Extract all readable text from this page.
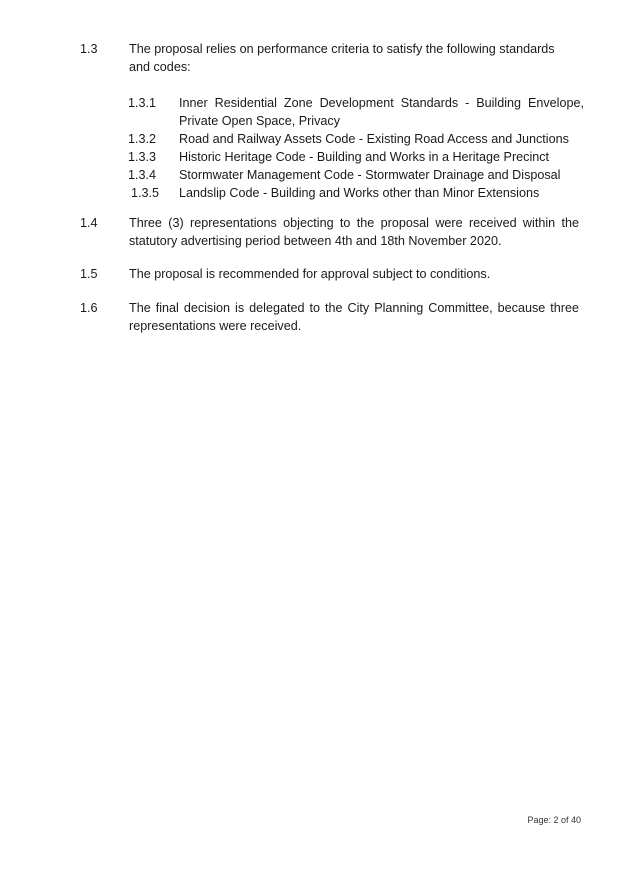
1.3	The proposal relies on performance criteria to satisfy the following standards and codes:
1.3.1	Inner Residential Zone Development Standards - Building Envelope, Private Open Space, Privacy
1.3.2	Road and Railway Assets Code - Existing Road Access and Junctions
1.3.3	Historic Heritage Code - Building and Works in a Heritage Precinct
1.3.4	Stormwater Management Code - Stormwater Drainage and Disposal
1.3.5	Landslip Code - Building and Works other than Minor Extensions
1.4	Three (3) representations objecting to the proposal were received within the statutory advertising period between 4th and 18th November 2020.
1.5	The proposal is recommended for approval subject to conditions.
1.6	The final decision is delegated to the City Planning Committee, because three representations were received.
Page: 2 of 40
